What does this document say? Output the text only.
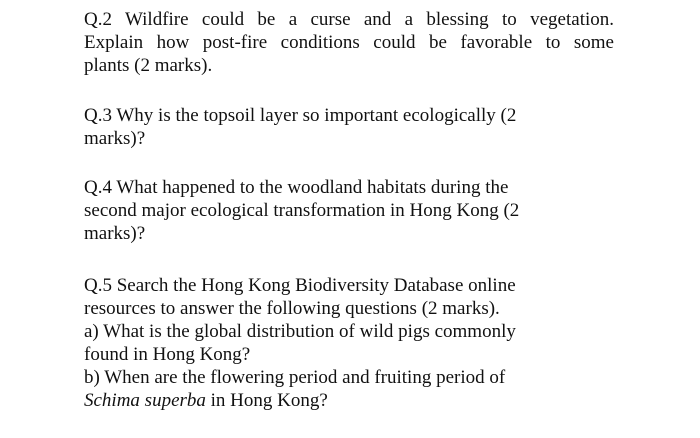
Q.2 Wildfire could be a curse and a blessing to vegetation.
Explain how post-fire conditions could be favorable to some
plants (2 marks).

Q.3 Why is the topsoil layer so important ecologically (2
marks)?

Q.4 What happened to the woodland habitats during the
second major ecological transformation in Hong Kong (2
marks)?

Q.5 Search the Hong Kong Biodiversity Database online
resources to answer the following questions (2 marks).
a) What is the global distribution of wild pigs commonly
found in Hong Kong?
b) When are the flowering period and fruiting period of
Schima superba in Hong Kong?
